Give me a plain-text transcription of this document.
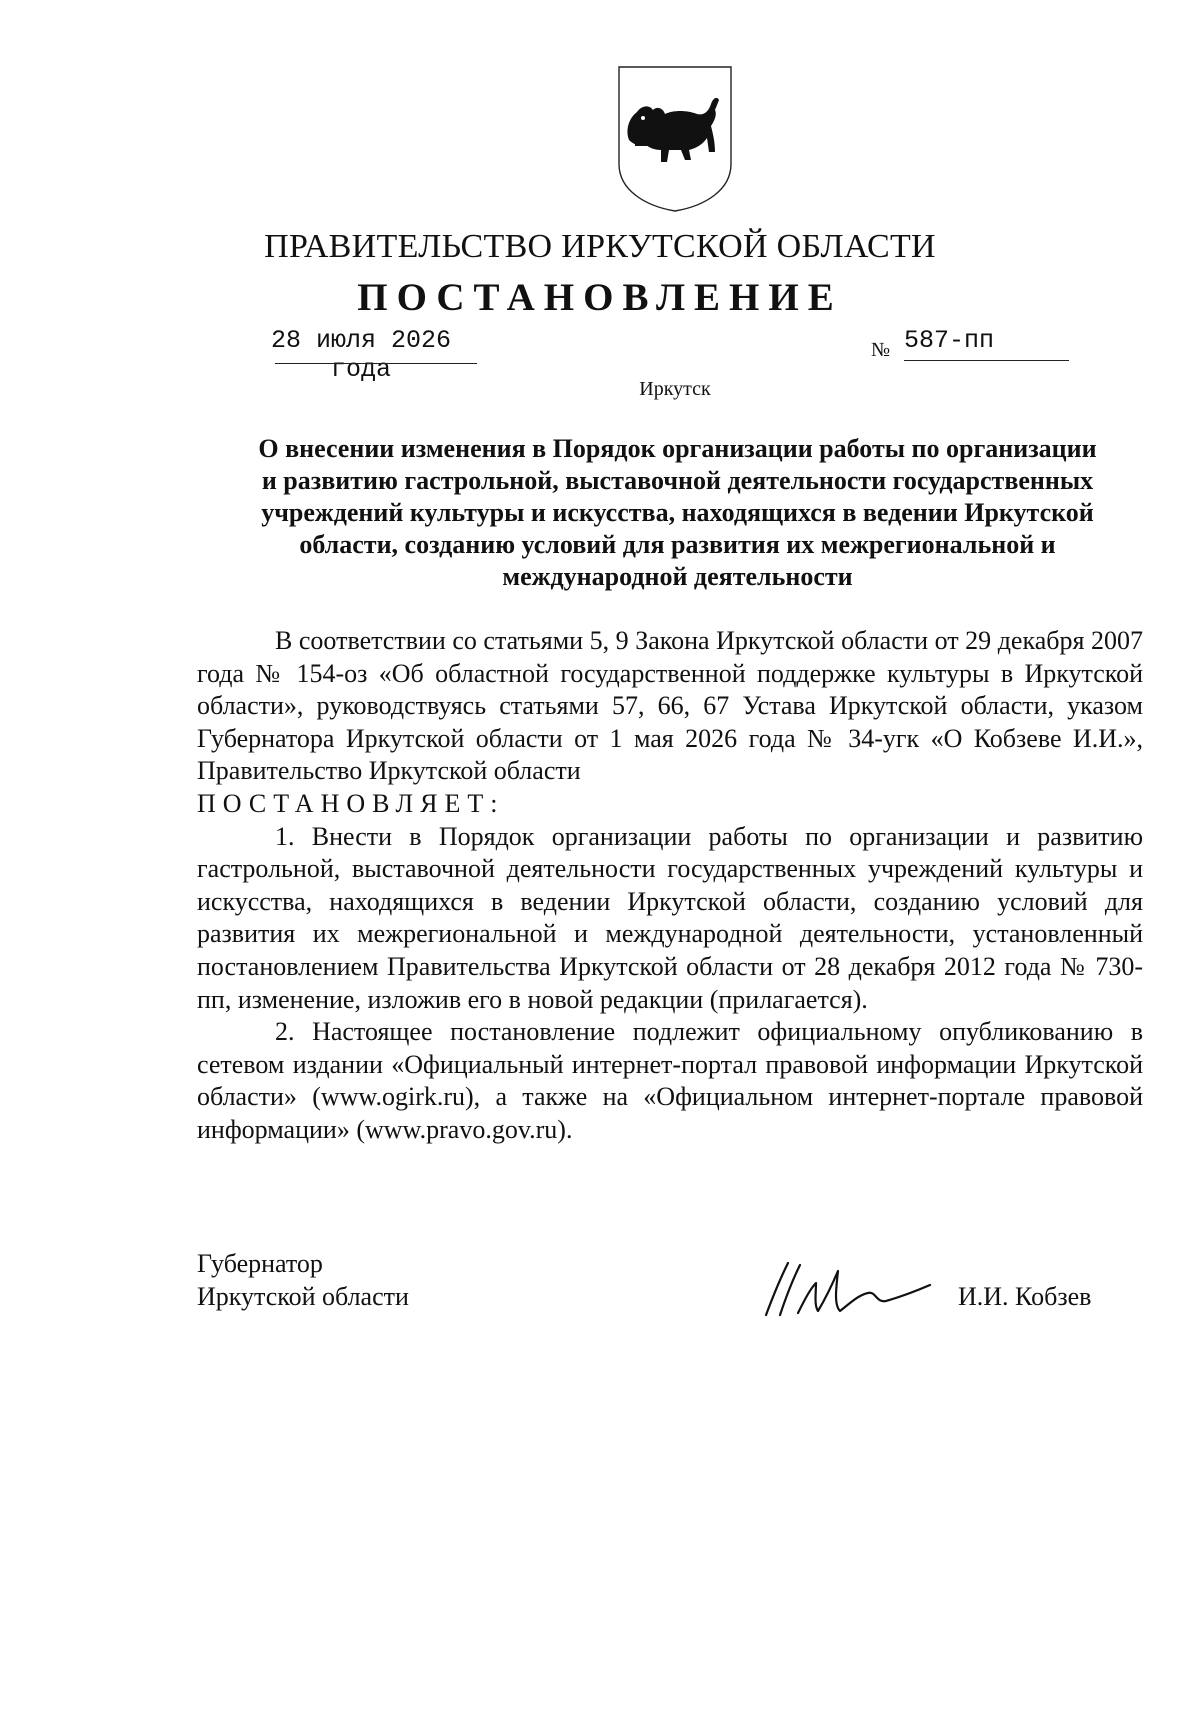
ПРАВИТЕЛЬСТВО ИРКУТСКОЙ ОБЛАСТИ
ПОСТАНОВЛЕНИЕ
28 июля 2026 года
№ 587-пп
Иркутск
О внесении изменения в Порядок организации работы по организации
и развитию гастрольной, выставочной деятельности государственных
учреждений культуры и искусства, находящихся в ведении Иркутской
области, созданию условий для развития их межрегиональной и
международной деятельности

В соответствии со статьями 5, 9 Закона Иркутской области от 29 декабря 2007 года № 154-оз «Об областной государственной поддержке культуры в Иркутской области», руководствуясь статьями 57, 66, 67 Устава Иркутской области, указом Губернатора Иркутской области от 1 мая 2026 года № 34-угк «О Кобзеве И.И.», Правительство Иркутской области

ПОСТАНОВЛЯЕТ:

1. Внести в Порядок организации работы по организации и развитию гастрольной, выставочной деятельности государственных учреждений культуры и искусства, находящихся в ведении Иркутской области, созданию условий для развития их межрегиональной и международной деятельности, установленный постановлением Правительства Иркутской области от 28 декабря 2012 года № 730-пп, изменение, изложив его в новой редакции (прилагается).

2. Настоящее постановление подлежит официальному опубликованию в сетевом издании «Официальный интернет-портал правовой информации Иркутской области» (www.ogirk.ru), а также на «Официальном интернет-портале правовой информации» (www.pravo.gov.ru).

Губернатор
Иркутской области	И.И. Кобзев
